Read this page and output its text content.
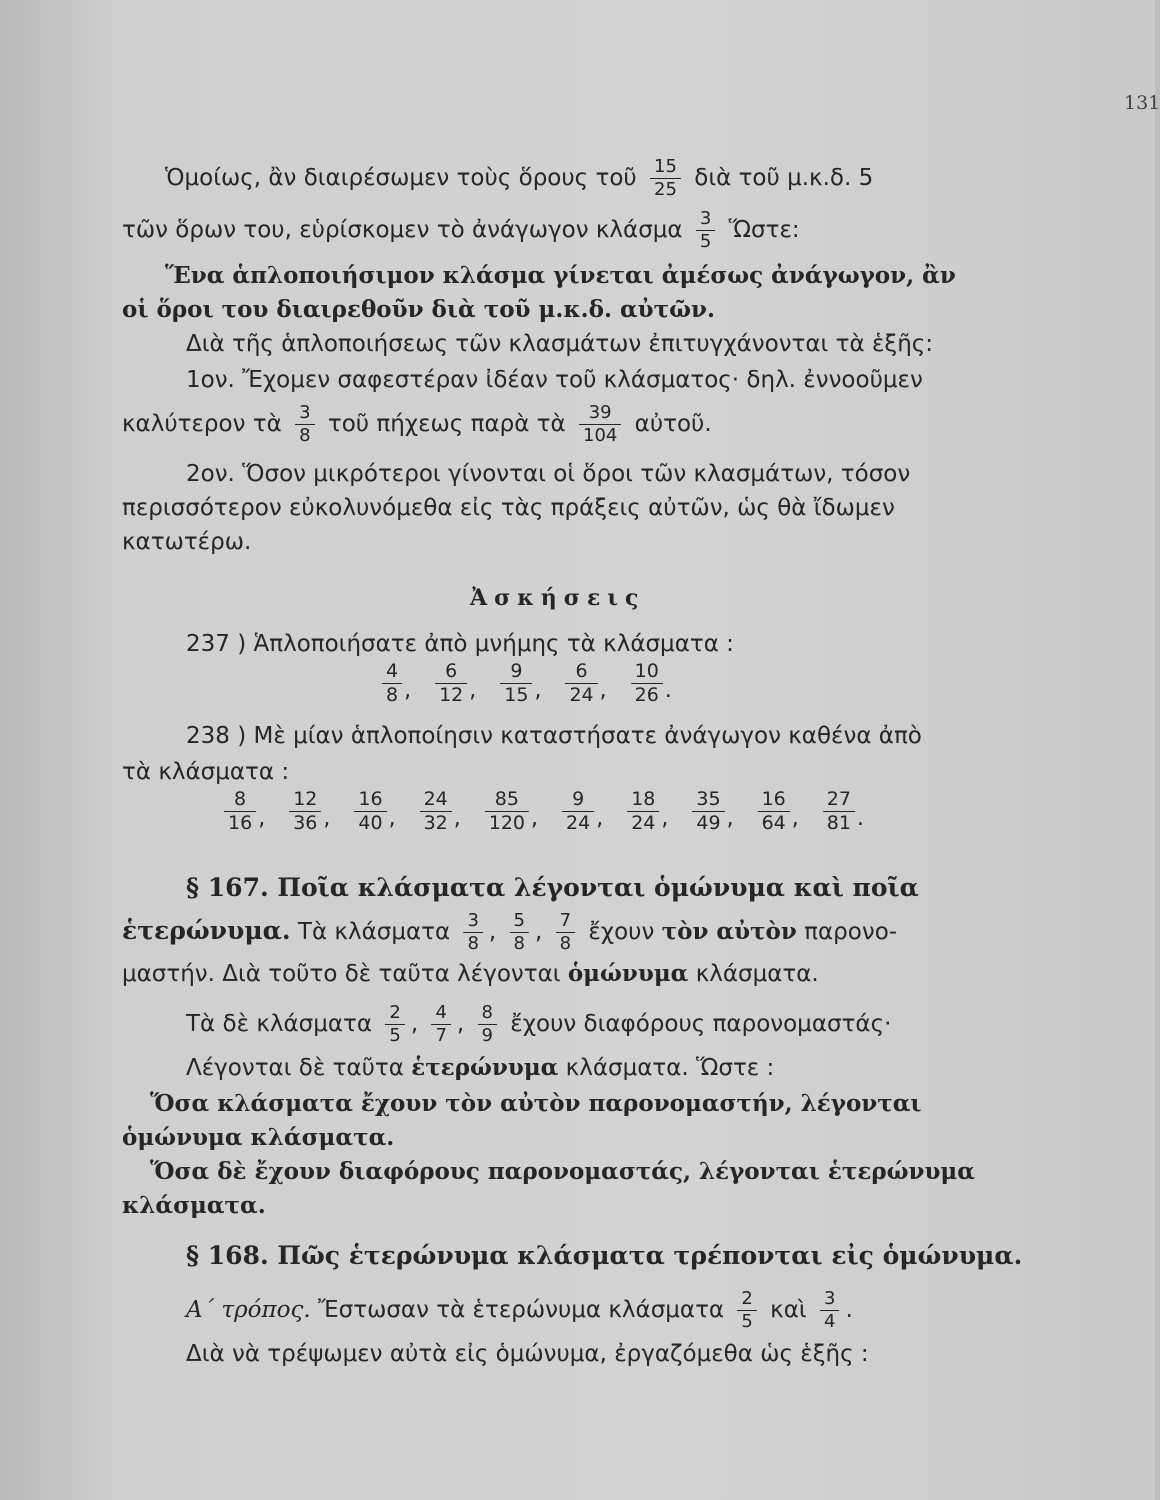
131
Ὁμοίως, ἂν διαιρέσωμεν τοὺς ὅρους τοῦ $\frac{15}{25}$ διὰ τοῦ μ.κ.δ. 5
τῶν ὅρων του, εὑρίσκομεν τὸ ἀνάγωγον κλάσμα $\frac{3}{5}$ Ὥστε:
Ἕνα ἁπλοποιήσιμον κλάσμα γίνεται ἀμέσως ἀνάγωγον, ἂν
οἱ ὅροι του διαιρεθοῦν διὰ τοῦ μ.κ.δ. αὐτῶν.
Διὰ τῆς ἁπλοποιήσεως τῶν κλασμάτων ἐπιτυγχάνονται τὰ ἑξῆς:
1ον. Ἔχομεν σαφεστέραν ἰδέαν τοῦ κλάσματος· δηλ. ἐννοοῦμεν
καλύτερον τὰ $\frac{3}{8}$ τοῦ πήχεως παρὰ τὰ $\frac{39}{104}$ αὐτοῦ.
2ον. Ὅσον μικρότεροι γίνονται οἱ ὅροι τῶν κλασμάτων, τόσον
περισσότερον εὐκολυνόμεθα εἰς τὰς πράξεις αὐτῶν, ὡς θὰ ἴδωμεν
κατωτέρω.
Ἀσκήσεις
237 ) Ἁπλοποιήσατε ἀπὸ μνήμης τὰ κλάσματα :
$\frac{4}{8}$ , $\frac{6}{12}$ , $\frac{9}{15}$ , $\frac{6}{24}$ , $\frac{10}{26}$ .
238 ) Μὲ μίαν ἁπλοποίησιν καταστήσατε ἀνάγωγον καθένα ἀπὸ
τὰ κλάσματα :
$\frac{8}{16}$ , $\frac{12}{36}$ , $\frac{16}{40}$ , $\frac{24}{32}$ , $\frac{85}{120}$ , $\frac{9}{24}$ , $\frac{18}{24}$ , $\frac{35}{49}$ , $\frac{16}{64}$ , $\frac{27}{81}$ .
§ 167. Ποῖα κλάσματα λέγονται ὁμώνυμα καὶ ποῖα
ἑτερώνυμα. Τὰ κλάσματα $\frac{3}{8}$ , $\frac{5}{8}$ , $\frac{7}{8}$ ἔχουν τὸν αὐτὸν παρονο-
μαστήν. Διὰ τοῦτο δὲ ταῦτα λέγονται ὁμώνυμα κλάσματα.
Τὰ δὲ κλάσματα $\frac{2}{5}$ , $\frac{4}{7}$ , $\frac{8}{9}$ ἔχουν διαφόρους παρονομαστάς·
Λέγονται δὲ ταῦτα ἑτερώνυμα κλάσματα. Ὥστε :
Ὅσα κλάσματα ἔχουν τὸν αὐτὸν παρονομαστήν, λέγονται
ὁμώνυμα κλάσματα.
Ὅσα δὲ ἔχουν διαφόρους παρονομαστάς, λέγονται ἑτερώνυμα
κλάσματα.
§ 168. Πῶς ἑτερώνυμα κλάσματα τρέπονται εἰς ὁμώνυμα.
Α΄ τρόπος. Ἔστωσαν τὰ ἑτερώνυμα κλάσματα $\frac{2}{5}$ καὶ $\frac{3}{4}$ .
Διὰ νὰ τρέψωμεν αὐτὰ εἰς ὁμώνυμα, ἐργαζόμεθα ὡς ἑξῆς :
